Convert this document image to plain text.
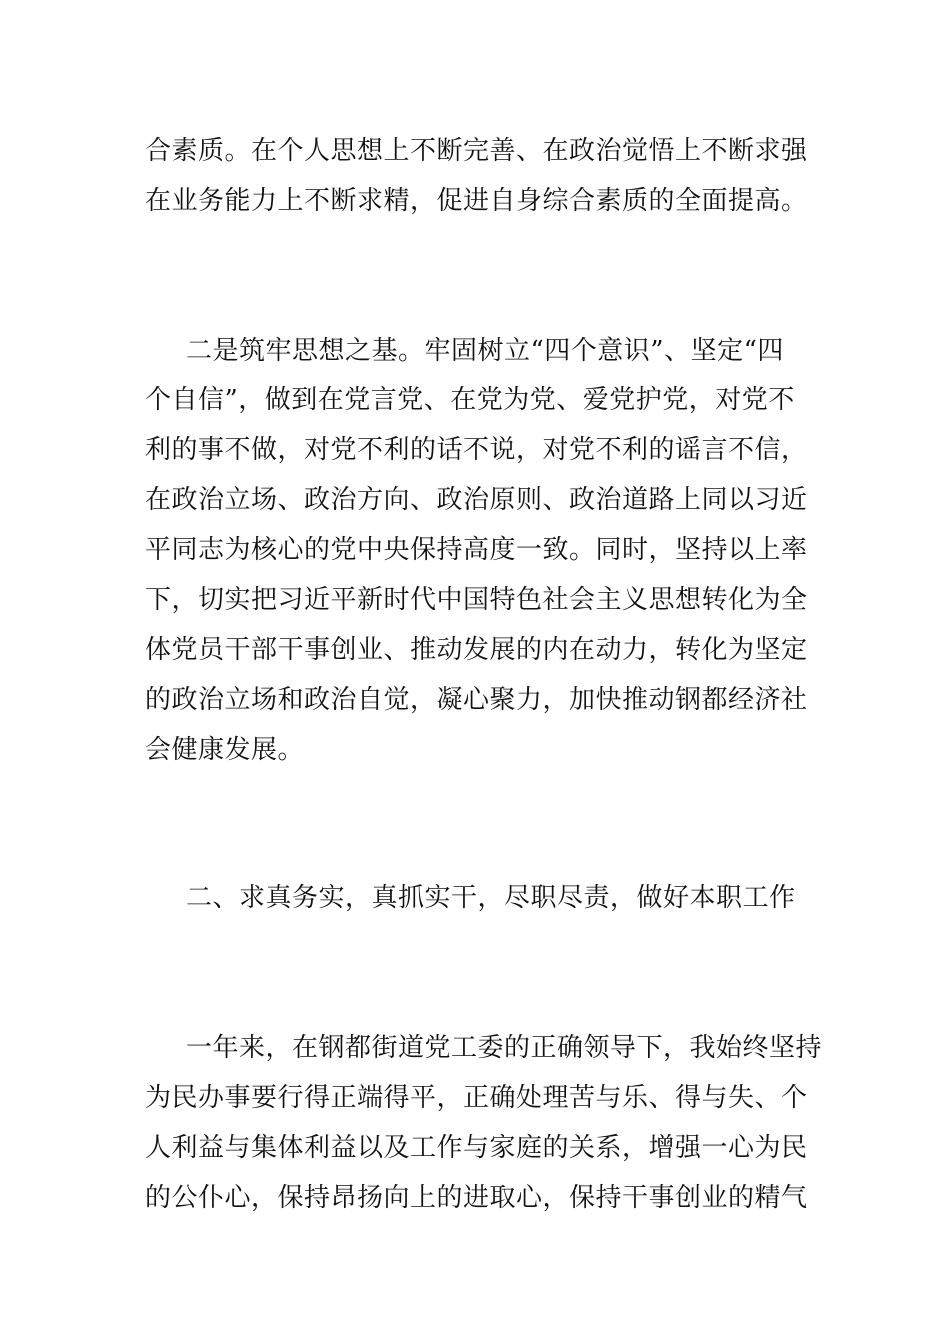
合素质。在个人思想上不断完善、在政治觉悟上不断求强
在业务能力上不断求精，促进自身综合素质的全面提高。
二是筑牢思想之基。牢固树立“四个意识”、坚定“四
个自信”，做到在党言党、在党为党、爱党护党，对党不
利的事不做，对党不利的话不说，对党不利的谣言不信，
在政治立场、政治方向、政治原则、政治道路上同以习近
平同志为核心的党中央保持高度一致。同时，坚持以上率
下，切实把习近平新时代中国特色社会主义思想转化为全
体党员干部干事创业、推动发展的内在动力，转化为坚定
的政治立场和政治自觉，凝心聚力，加快推动钢都经济社
会健康发展。
二、求真务实，真抓实干，尽职尽责，做好本职工作
一年来，在钢都街道党工委的正确领导下，我始终坚持
为民办事要行得正端得平，正确处理苦与乐、得与失、个
人利益与集体利益以及工作与家庭的关系，增强一心为民
的公仆心，保持昂扬向上的进取心，保持干事创业的精气
